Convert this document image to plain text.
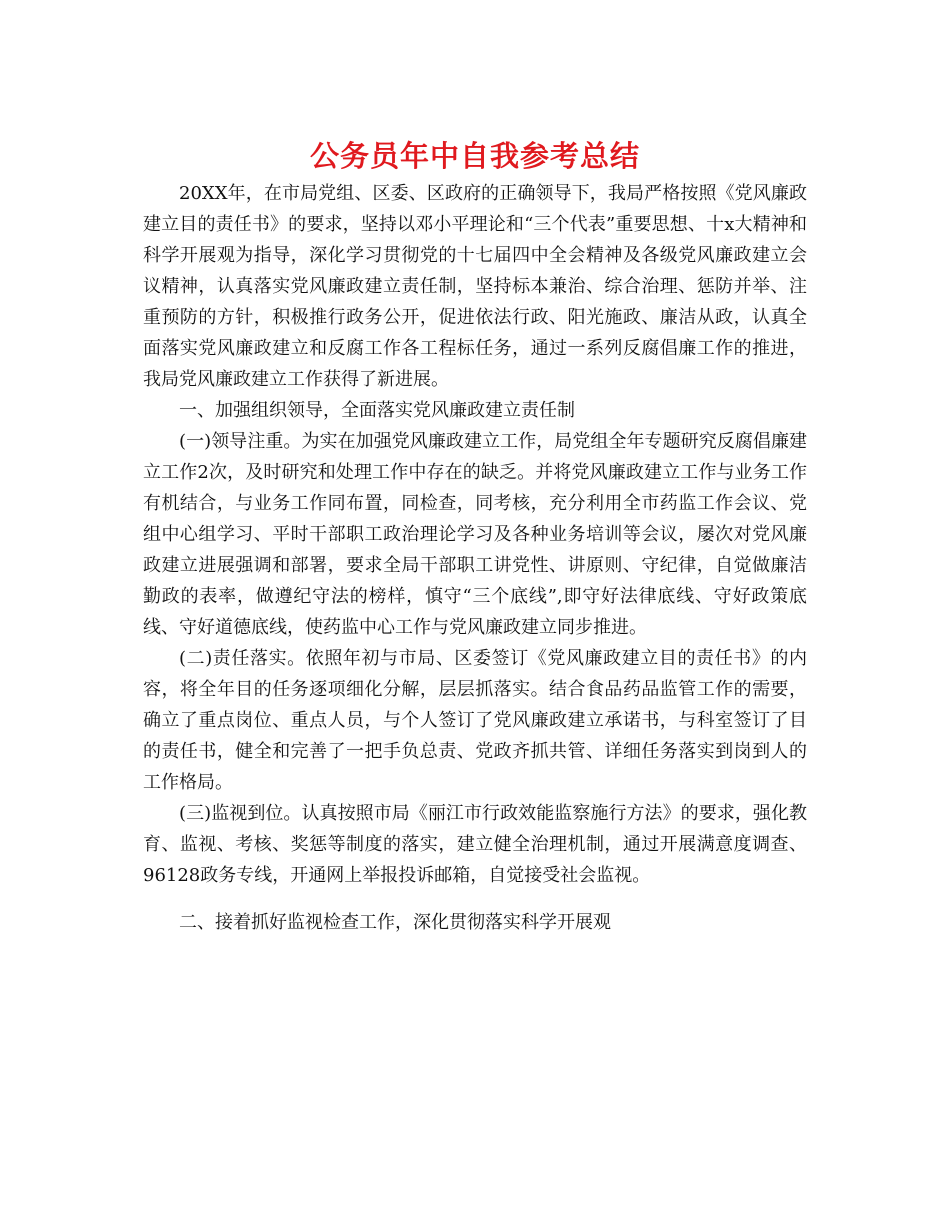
公务员年中自我参考总结

20XX年，在市局党组、区委、区政府的正确领导下，我局严格按照《党风廉政建立目的责任书》的要求，坚持以邓小平理论和“三个代表”重要思想、十x大精神和科学开展观为指导，深化学习贯彻党的十七届四中全会精神及各级党风廉政建立会议精神，认真落实党风廉政建立责任制，坚持标本兼治、综合治理、惩防并举、注重预防的方针，积极推行政务公开，促进依法行政、阳光施政、廉洁从政，认真全面落实党风廉政建立和反腐工作各工程标任务，通过一系列反腐倡廉工作的推进，我局党风廉政建立工作获得了新进展。

一、加强组织领导，全面落实党风廉政建立责任制

(一)领导注重。为实在加强党风廉政建立工作，局党组全年专题研究反腐倡廉建立工作2次，及时研究和处理工作中存在的缺乏。并将党风廉政建立工作与业务工作有机结合，与业务工作同布置，同检查，同考核，充分利用全市药监工作会议、党组中心组学习、平时干部职工政治理论学习及各种业务培训等会议，屡次对党风廉政建立进展强调和部署，要求全局干部职工讲党性、讲原则、守纪律，自觉做廉洁勤政的表率，做遵纪守法的榜样，慎守“三个底线”,即守好法律底线、守好政策底线、守好道德底线，使药监中心工作与党风廉政建立同步推进。

(二)责任落实。依照年初与市局、区委签订《党风廉政建立目的责任书》的内容，将全年目的任务逐项细化分解，层层抓落实。结合食品药品监管工作的需要，确立了重点岗位、重点人员，与个人签订了党风廉政建立承诺书，与科室签订了目的责任书，健全和完善了一把手负总责、党政齐抓共管、详细任务落实到岗到人的工作格局。

(三)监视到位。认真按照市局《丽江市行政效能监察施行方法》的要求，强化教育、监视、考核、奖惩等制度的落实，建立健全治理机制，通过开展满意度调查、96128政务专线，开通网上举报投诉邮箱，自觉接受社会监视。

二、接着抓好监视检查工作，深化贯彻落实科学开展观
